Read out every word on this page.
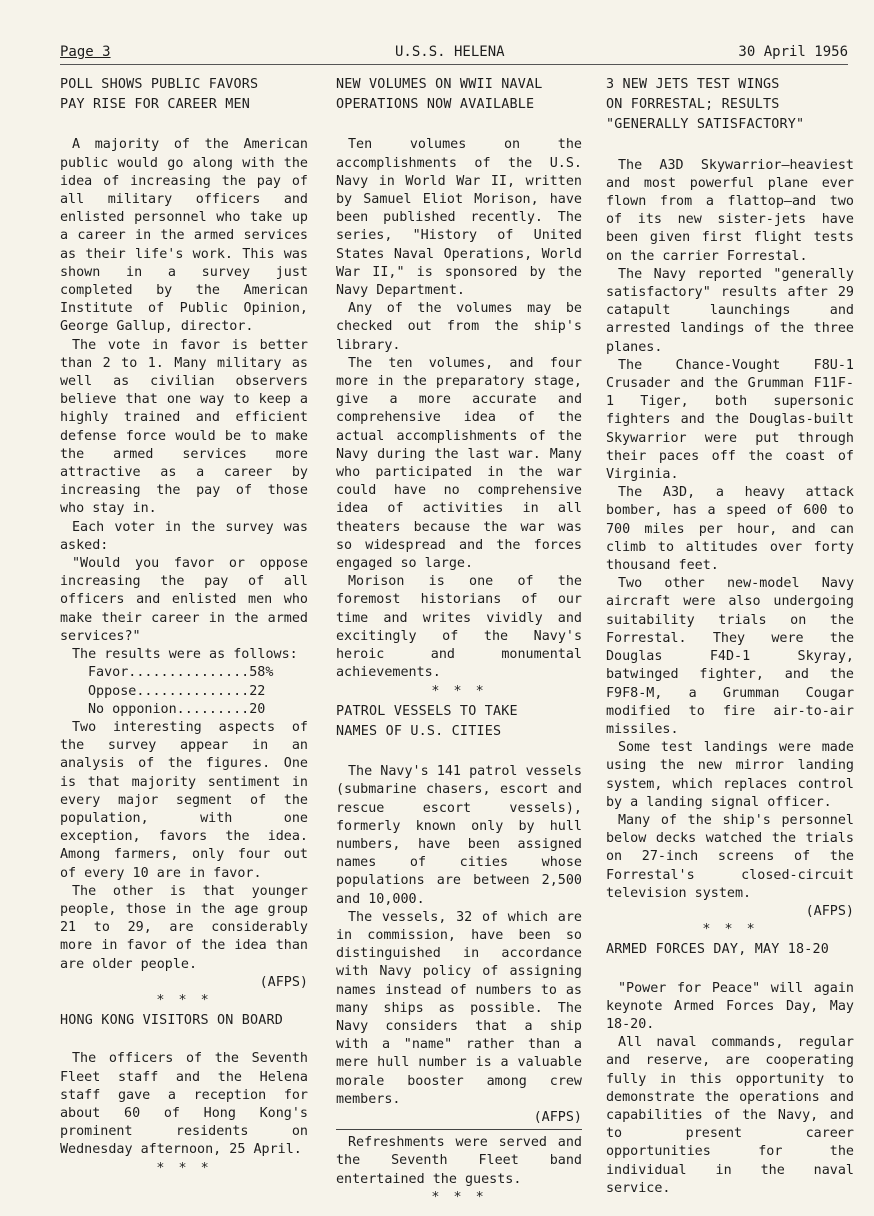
Page 3	U.S.S. HELENA	30 April 1956
POLL SHOWS PUBLIC FAVORS
PAY RISE FOR CAREER MEN

A majority of the American public would go along with the idea of increasing the pay of all military officers and enlisted personnel who take up a career in the armed services as their life's work. This was shown in a survey just completed by the American Institute of Public Opinion, George Gallup, director.

The vote in favor is better than 2 to 1. Many military as well as civilian observers believe that one way to keep a highly trained and efficient defense force would be to make the armed services more attractive as a career by increasing the pay of those who stay in.

Each voter in the survey was asked:

"Would you favor or oppose increasing the pay of all officers and enlisted men who make their career in the armed services?"

The results were as follows:

Favor...............58%
Oppose..............22
No opponion.........20

Two interesting aspects of the survey appear in an analysis of the figures. One is that majority sentiment in every major segment of the population, with one exception, favors the idea. Among farmers, only four out of every 10 are in favor.

The other is that younger people, those in the age group 21 to 29, are considerably more in favor of the idea than are older people.

(AFPS)
* * *
HONG KONG VISITORS ON BOARD

The officers of the Seventh Fleet staff and the Helena staff gave a reception for about 60 of Hong Kong's prominent residents on Wednesday afternoon, 25 April.

* * *
NEW VOLUMES ON WWII NAVAL
OPERATIONS NOW AVAILABLE

Ten volumes on the accomplishments of the U.S. Navy in World War II, written by Samuel Eliot Morison, have been published recently. The series, "History of United States Naval Operations, World War II," is sponsored by the Navy Department.

Any of the volumes may be checked out from the ship's library.

The ten volumes, and four more in the preparatory stage, give a more accurate and comprehensive idea of the actual accomplishments of the Navy during the last war. Many who participated in the war could have no comprehensive idea of activities in all theaters because the war was so widespread and the forces engaged so large.

Morison is one of the foremost historians of our time and writes vividly and excitingly of the Navy's heroic and monumental achievements.

* * *
PATROL VESSELS TO TAKE
NAMES OF U.S. CITIES

The Navy's 141 patrol vessels (submarine chasers, escort and rescue escort vessels), formerly known only by hull numbers, have been assigned names of cities whose populations are between 2,500 and 10,000.

The vessels, 32 of which are in commission, have been so distinguished in accordance with Navy policy of assigning names instead of numbers to as many ships as possible. The Navy considers that a ship with a "name" rather than a mere hull number is a valuable morale booster among crew members.

(AFPS)

Refreshments were served and the Seventh Fleet band entertained the guests.

* * *
3 NEW JETS TEST WINGS
ON FORRESTAL; RESULTS
"GENERALLY SATISFACTORY"

The A3D Skywarrior—heaviest and most powerful plane ever flown from a flattop—and two of its new sister-jets have been given first flight tests on the carrier Forrestal.

The Navy reported "generally satisfactory" results after 29 catapult launchings and arrested landings of the three planes.

The Chance-Vought F8U-1 Crusader and the Grumman F11F-1 Tiger, both supersonic fighters and the Douglas-built Skywarrior were put through their paces off the coast of Virginia.

The A3D, a heavy attack bomber, has a speed of 600 to 700 miles per hour, and can climb to altitudes over forty thousand feet.

Two other new-model Navy aircraft were also undergoing suitability trials on the Forrestal. They were the Douglas F4D-1 Skyray, batwinged fighter, and the F9F8-M, a Grumman Cougar modified to fire air-to-air missiles.

Some test landings were made using the new mirror landing system, which replaces control by a landing signal officer.

Many of the ship's personnel below decks watched the trials on 27-inch screens of the Forrestal's closed-circuit television system.

(AFPS)
* * *
ARMED FORCES DAY, MAY 18-20

"Power for Peace" will again keynote Armed Forces Day, May 18-20.

All naval commands, regular and reserve, are cooperating fully in this opportunity to demonstrate the operations and capabilities of the Navy, and to present career opportunities for the individual in the naval service.
